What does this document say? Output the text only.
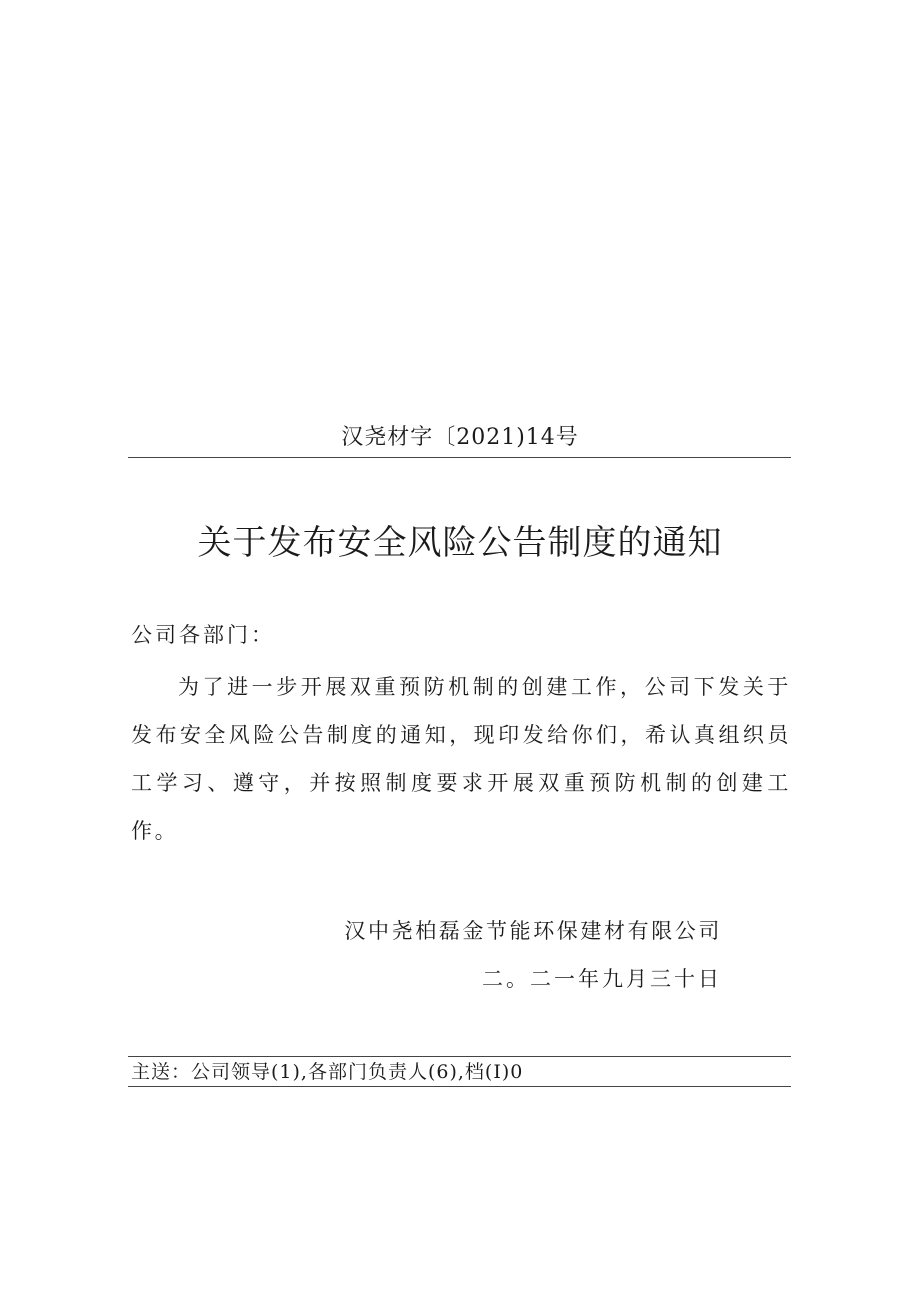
汉尧材字〔2021)14号
关于发布安全风险公告制度的通知
公司各部门：

为了进一步开展双重预防机制的创建工作，公司下发关于发布安全风险公告制度的通知，现印发给你们，希认真组织员工学习、遵守，并按照制度要求开展双重预防机制的创建工作。

汉中尧柏磊金节能环保建材有限公司
二。二一年九月三十日
主送：公司领导(1),各部门负责人(6),档(I)0
